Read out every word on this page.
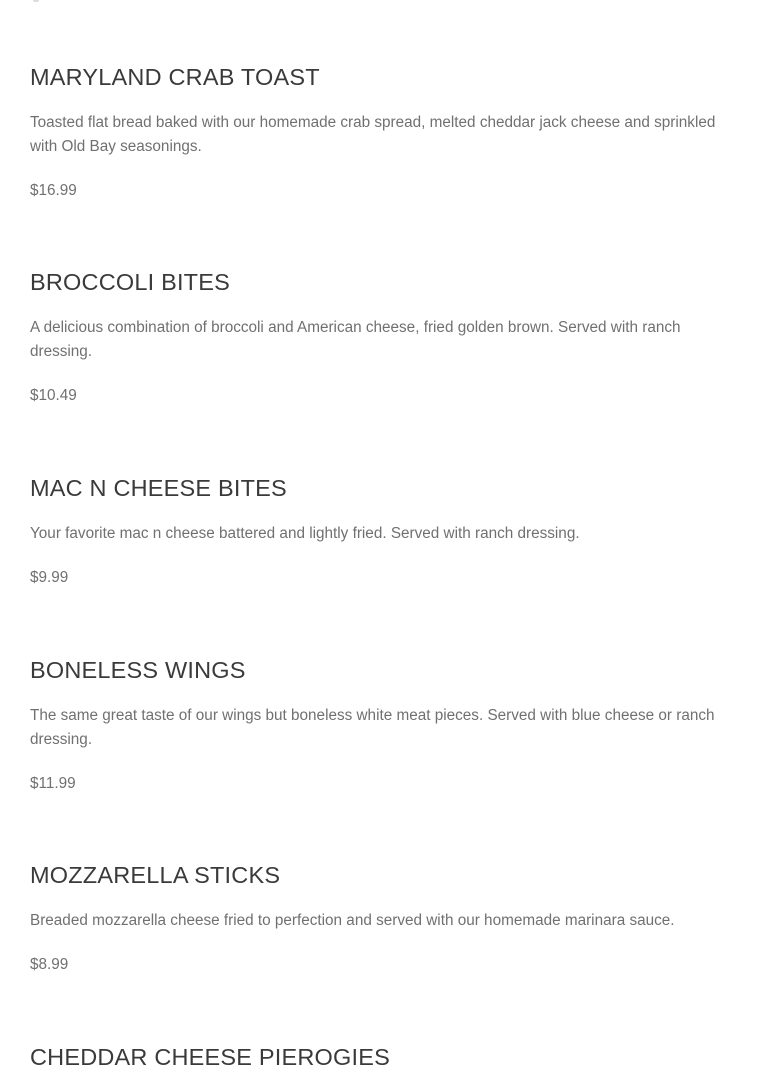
MARYLAND CRAB TOAST

Toasted flat bread baked with our homemade crab spread, melted cheddar jack cheese and sprinkled with Old Bay seasonings.

$16.99

BROCCOLI BITES

A delicious combination of broccoli and American cheese, fried golden brown. Served with ranch dressing.

$10.49

MAC N CHEESE BITES

Your favorite mac n cheese battered and lightly fried. Served with ranch dressing.

$9.99

BONELESS WINGS

The same great taste of our wings but boneless white meat pieces. Served with blue cheese or ranch dressing.

$11.99

MOZZARELLA STICKS

Breaded mozzarella cheese fried to perfection and served with our homemade marinara sauce.

$8.99

CHEDDAR CHEESE PIEROGIES
